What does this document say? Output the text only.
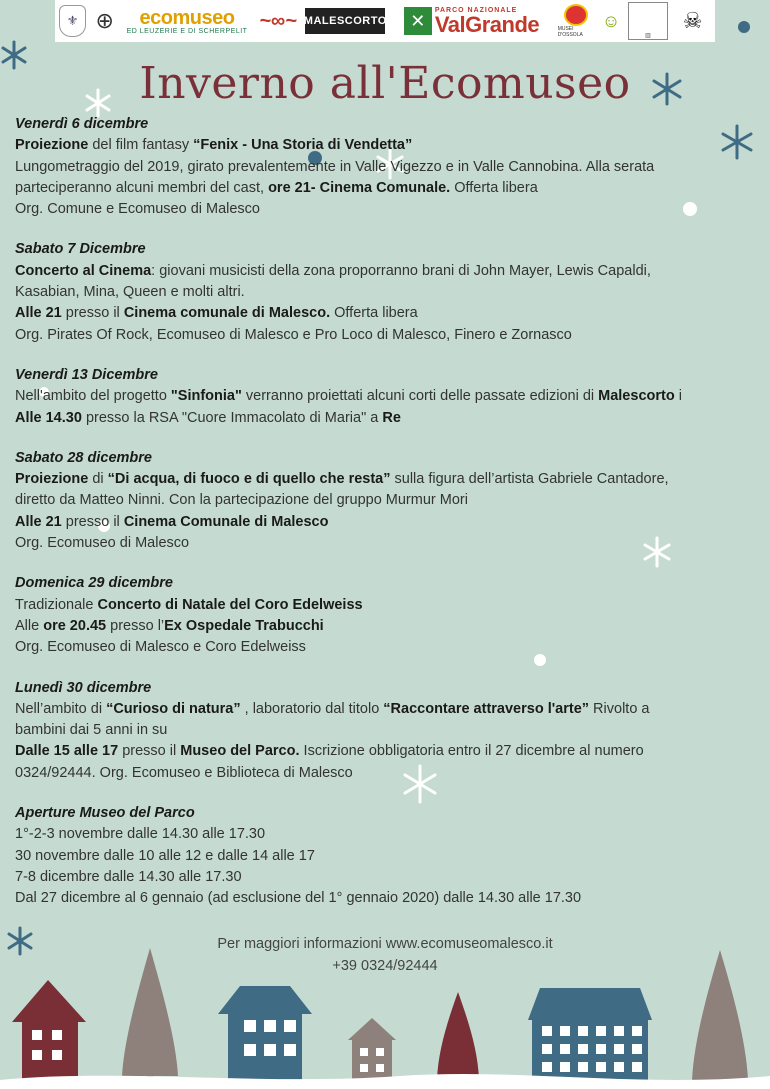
⚜ ⊕ ecomuseo
ED LEUZERIE E DI SCHERPELIT ~∞~ MALESCORTO	✕
PARCO NAZIONALE
ValGrande	MUSEI D'OSSOLA
☺
▥
☠
Inverno all'Ecomuseo
Venerdì 6 dicembre
Proiezione del film fantasy “Fenix - Una Storia di Vendetta”
Lungometraggio del 2019, girato prevalentemente in Valle Vigezzo e in Valle Cannobina. Alla serata
parteciperanno alcuni membri del cast, ore 21- Cinema Comunale. Offerta libera
Org. Comune e Ecomuseo di Malesco
Sabato 7 Dicembre
Concerto al Cinema: giovani musicisti della zona proporranno brani di John Mayer, Lewis Capaldi,
Kasabian, Mina, Queen e molti altri.
Alle 21 presso il Cinema comunale di Malesco. Offerta libera
Org. Pirates Of Rock, Ecomuseo di Malesco e Pro Loco di Malesco, Finero e Zornasco
Venerdì 13 Dicembre
Nell'ambito del progetto "Sinfonia" verranno proiettati alcuni corti delle passate edizioni di Malescorto i
Alle 14.30 presso la RSA "Cuore Immacolato di Maria" a Re
Sabato 28 dicembre
Proiezione di “Di acqua, di fuoco e di quello che resta” sulla figura dell’artista Gabriele Cantadore,
diretto da Matteo Ninni. Con la partecipazione del gruppo Murmur Mori
Alle 21 presso il Cinema Comunale di Malesco
Org. Ecomuseo di Malesco
Domenica 29 dicembre
Tradizionale Concerto di Natale del Coro Edelweiss
Alle ore 20.45 presso l’Ex Ospedale Trabucchi
Org. Ecomuseo di Malesco e Coro Edelweiss
Lunedì 30 dicembre
Nell’ambito di “Curioso di natura” , laboratorio dal titolo “Raccontare attraverso l'arte” Rivolto a
bambini dai 5 anni in su
Dalle 15 alle 17 presso il Museo del Parco. Iscrizione obbligatoria entro il 27 dicembre al numero
0324/92444. Org. Ecomuseo e Biblioteca di Malesco
Aperture Museo del Parco
1°-2-3 novembre dalle 14.30 alle 17.30
30 novembre dalle 10 alle 12 e dalle 14 alle 17
7-8 dicembre dalle 14.30 alle 17.30
Dal 27 dicembre al 6 gennaio (ad esclusione del 1° gennaio 2020) dalle 14.30 alle 17.30
Per maggiori informazioni www.ecomuseomalesco.it
+39 0324/92444
